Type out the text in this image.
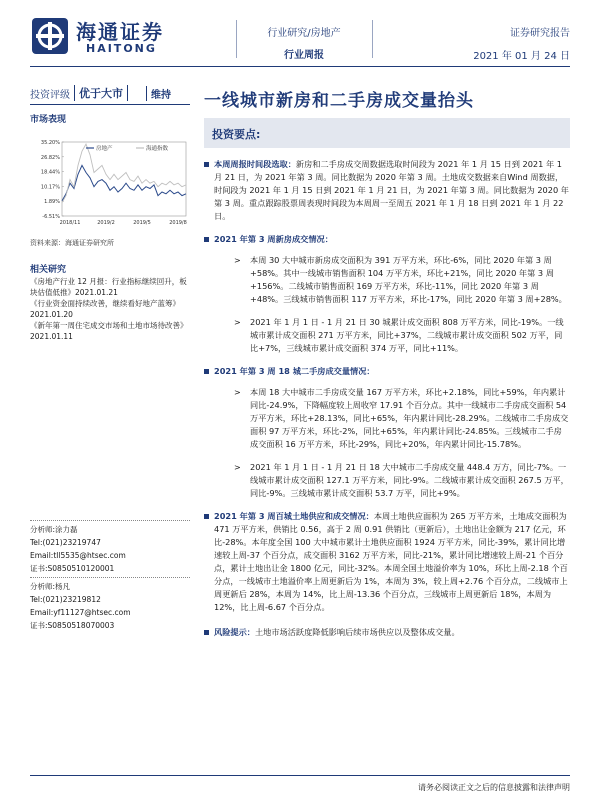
海通证券
HAITONG
行业研究/房地产
行业周报
证券研究报告
2021 年 01 月 24 日
投资评级 优于大市	维持 一线城市新房和二手房成交量抬头
市场表现
35.20%
26.82%
18.44%
10.17%
1.89%
-6.51%
2018/11	2019/2	2019/5	2019/8
房地产	海通指数
资料来源：海通证券研究所
相关研究
《房地产行业 12 月报：行业指标继续回升，板块估值低推》2021.01.21
《行业资金面持续改善，继续看好地产蓝筹》2021.01.20
《新年第一周住宅成交市场和土地市场待改善》2021.01.11
分析师:涂力磊
Tel:(021)23219747
Email:tll5535@htsec.com
证书:S0850510120001
分析师:杨凡
Tel:(021)23219812
Email:yf11127@htsec.com
证书:S0850518070003
投资要点:
本周周报时间段选取：新房和二手房成交周数据选取时间段为 2021 年 1 月 15 日到 2021 年 1 月 21 日，为 2021 年第 3 周。同比数据为 2020 年第 3 周。土地成交数据来自Wind 周数据，时间段为 2021 年 1 月 15 日到 2021 年 1 月 21 日，为 2021 年第 3 周。同比数据为 2020 年第 3 周。重点跟踪股票周表现时间段为本周周一至周五 2021 年 1 月 18 日到 2021 年 1 月 22 日。
2021 年第 3 周新房成交情况：
> 本周 30 大中城市新房成交面积为 391 万平方米，环比-6%，同比 2020 年第 3 周+58%。其中一线城市销售面积 104 万平方米，环比+21%，同比 2020 年第 3 周+156%。二线城市销售面积 169 万平方米，环比-11%，同比 2020 年第 3 周+48%。三线城市销售面积 117 万平方米，环比-17%，同比 2020 年第 3 周+28%。
> 2021 年 1 月 1 日 - 1 月 21 日 30 城累计成交面积 808 万平方米，同比-19%。一线城市累计成交面积 271 万平方米，同比+37%，二线城市累计成交面积 502 万平，同比+7%，三线城市累计成交面积 374 万平，同比+11%。
2021 年第 3 周 18 城二手房成交量情况：
> 本周 18 大中城市二手房成交量 167 万平方米，环比+2.18%，同比+59%，年内累计同比-24.9%，下降幅度较上周收窄 17.91 个百分点。其中一线城市二手房成交面积 54 万平方米，环比+28.13%，同比+65%，年内累计同比-28.29%。二线城市二手房成交面积 97 万平方米，环比-2%，同比+65%，年内累计同比-24.85%。三线城市二手房成交面积 16 万平方米，环比-29%，同比+20%，年内累计同比-15.78%。
> 2021 年 1 月 1 日 - 1 月 21 日 18 大中城市二手房成交量 448.4 万方，同比-7%。一线城市累计成交面积 127.1 万平方米，同比-9%。二线城市累计成交面积 267.5 万平，同比-9%。三线城市累计成交面积 53.7 万平，同比+9%。
2021 年第 3 周百城土地供应和成交情况：本周土地供应面积为 265 万平方米，土地成交面积为 471 万平方米，供销比 0.56，高于 2 周 0.91 供销比（更新后），土地出让金额为 217 亿元，环比-28%。本年度全国 100 大中城市累计土地供应面积 1924 万平方米，同比-39%，累计同比增速较上周-37 个百分点，成交面积 3162 万平方米，同比-21%，累计同比增速较上周-21 个百分点，累计土地出让金 1800 亿元，同比-32%。本周全国土地溢价率为 10%，环比上周-2.18 个百分点，一线城市土地溢价率上周更新后为 1%，本周为 3%，较上周+2.76 个百分点，二线城市上周更新后 28%，本周为 14%，比上周-13.36 个百分点，三线城市上周更新后 18%，本周为 12%，比上周-6.67 个百分点。
风险提示：土地市场活跃度降低影响后续市场供应以及整体成交量。
请务必阅读正文之后的信息披露和法律声明
